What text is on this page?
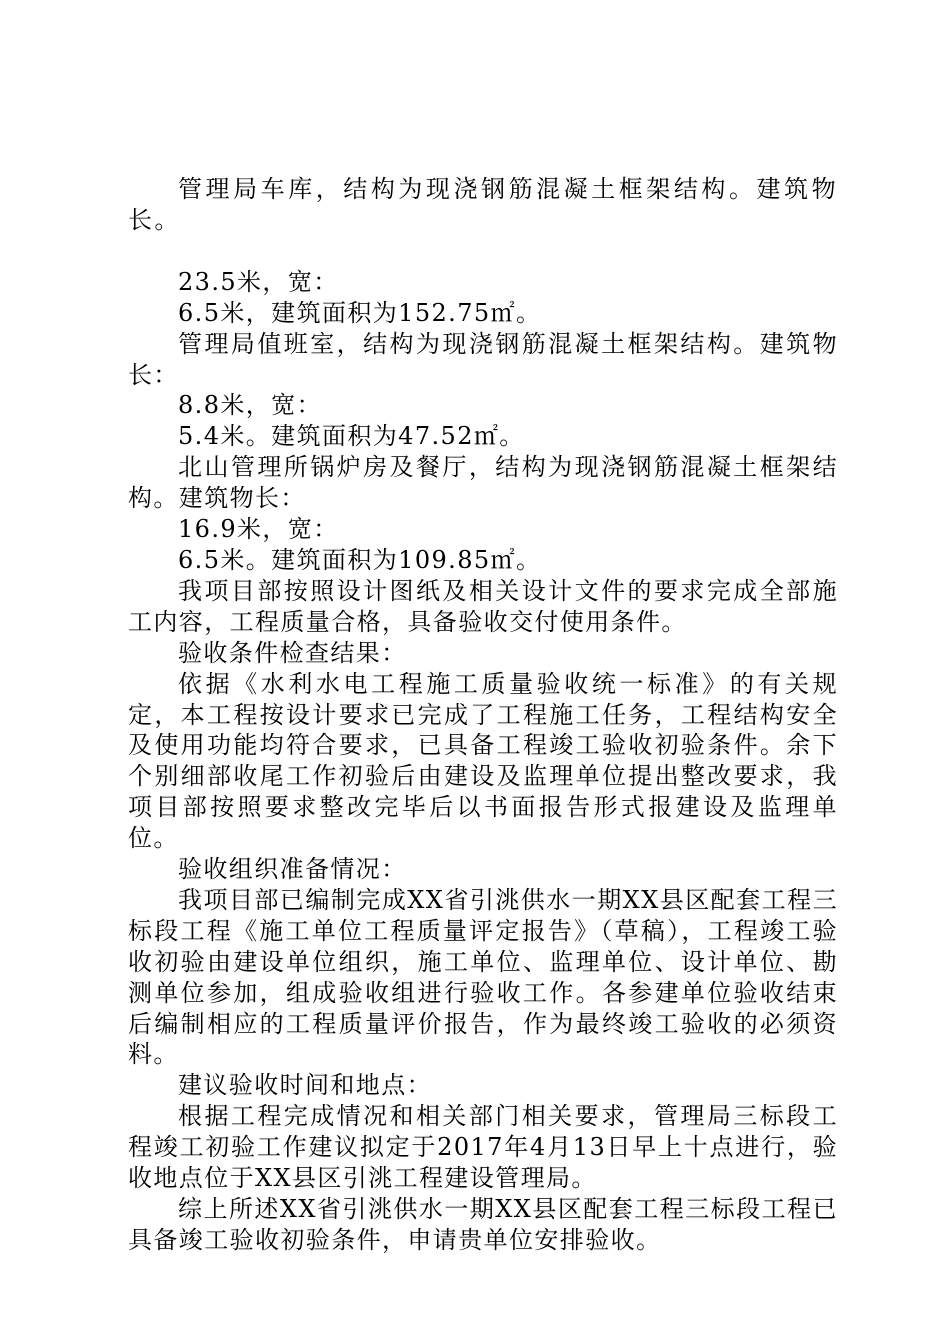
管理局车库，结构为现浇钢筋混凝土框架结构。建筑物长。

23.5米，宽：

6.5米，建筑面积为152.75㎡。

管理局值班室，结构为现浇钢筋混凝土框架结构。建筑物长：

8.8米，宽：

5.4米。建筑面积为47.52㎡。

北山管理所锅炉房及餐厅，结构为现浇钢筋混凝土框架结构。建筑物长：

16.9米，宽：

6.5米。建筑面积为109.85㎡。

我项目部按照设计图纸及相关设计文件的要求完成全部施工内容，工程质量合格，具备验收交付使用条件。

验收条件检查结果：

依据《水利水电工程施工质量验收统一标准》的有关规定，本工程按设计要求已完成了工程施工任务，工程结构安全及使用功能均符合要求，已具备工程竣工验收初验条件。余下个别细部收尾工作初验后由建设及监理单位提出整改要求，我项目部按照要求整改完毕后以书面报告形式报建设及监理单位。

验收组织准备情况：

我项目部已编制完成XX省引洮供水一期XX县区配套工程三标段工程《施工单位工程质量评定报告》（草稿），工程竣工验收初验由建设单位组织，施工单位、监理单位、设计单位、勘测单位参加，组成验收组进行验收工作。各参建单位验收结束后编制相应的工程质量评价报告，作为最终竣工验收的必须资料。

建议验收时间和地点：

根据工程完成情况和相关部门相关要求，管理局三标段工程竣工初验工作建议拟定于2017年4月13日早上十点进行，验收地点位于XX县区引洮工程建设管理局。

综上所述XX省引洮供水一期XX县区配套工程三标段工程已具备竣工验收初验条件，申请贵单位安排验收。
